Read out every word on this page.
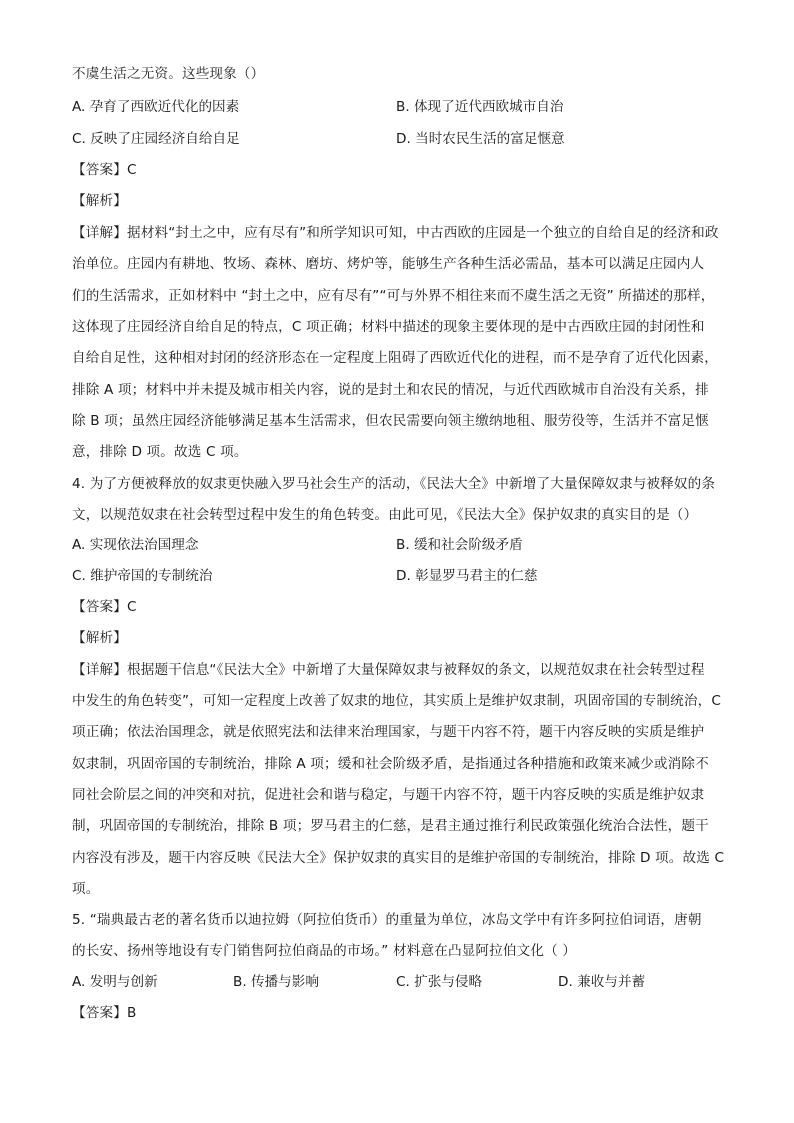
不虞生活之无资。这些现象（）
A. 孕育了西欧近代化的因素	B. 体现了近代西欧城市自治
C. 反映了庄园经济自给自足	D. 当时农民生活的富足惬意
【答案】C
【解析】
【详解】据材料“封土之中，应有尽有”和所学知识可知，中古西欧的庄园是一个独立的自给自足的经济和政
治单位。庄园内有耕地、牧场、森林、磨坊、烤炉等，能够生产各种生活必需品，基本可以满足庄园内人
们的生活需求，正如材料中 “封土之中，应有尽有”“可与外界不相往来而不虞生活之无资” 所描述的那样，
这体现了庄园经济自给自足的特点，C 项正确；材料中描述的现象主要体现的是中古西欧庄园的封闭性和
自给自足性，这种相对封闭的经济形态在一定程度上阻碍了西欧近代化的进程，而不是孕育了近代化因素，
排除 A 项；材料中并未提及城市相关内容，说的是封土和农民的情况，与近代西欧城市自治没有关系，排
除 B 项；虽然庄园经济能够满足基本生活需求，但农民需要向领主缴纳地租、服劳役等，生活并不富足惬
意，排除 D 项。故选 C 项。
4. 为了方便被释放的奴隶更快融入罗马社会生产的活动，《民法大全》中新增了大量保障奴隶与被释奴的条
文，以规范奴隶在社会转型过程中发生的角色转变。由此可见，《民法大全》保护奴隶的真实目的是（）
A. 实现依法治国理念	B. 缓和社会阶级矛盾
C. 维护帝国的专制统治	D. 彰显罗马君主的仁慈
【答案】C
【解析】
【详解】根据题干信息“《民法大全》中新增了大量保障奴隶与被释奴的条文，以规范奴隶在社会转型过程
中发生的角色转变”，可知一定程度上改善了奴隶的地位，其实质上是维护奴隶制，巩固帝国的专制统治，C
项正确；依法治国理念，就是依照宪法和法律来治理国家，与题干内容不符，题干内容反映的实质是维护
奴隶制，巩固帝国的专制统治，排除 A 项；缓和社会阶级矛盾，是指通过各种措施和政策来减少或消除不
同社会阶层之间的冲突和对抗，促进社会和谐与稳定，与题干内容不符，题干内容反映的实质是维护奴隶
制，巩固帝国的专制统治，排除 B 项；罗马君主的仁慈，是君主通过推行利民政策强化统治合法性，题干
内容没有涉及，题干内容反映《民法大全》保护奴隶的真实目的是维护帝国的专制统治，排除 D 项。故选 C
项。
5. “瑞典最古老的著名货币以迪拉姆（阿拉伯货币）的重量为单位，冰岛文学中有许多阿拉伯词语，唐朝
的长安、扬州等地设有专门销售阿拉伯商品的市场。” 材料意在凸显阿拉伯文化（ ）
A. 发明与创新	B. 传播与影响	C. 扩张与侵略	D. 兼收与并蓄
【答案】B
